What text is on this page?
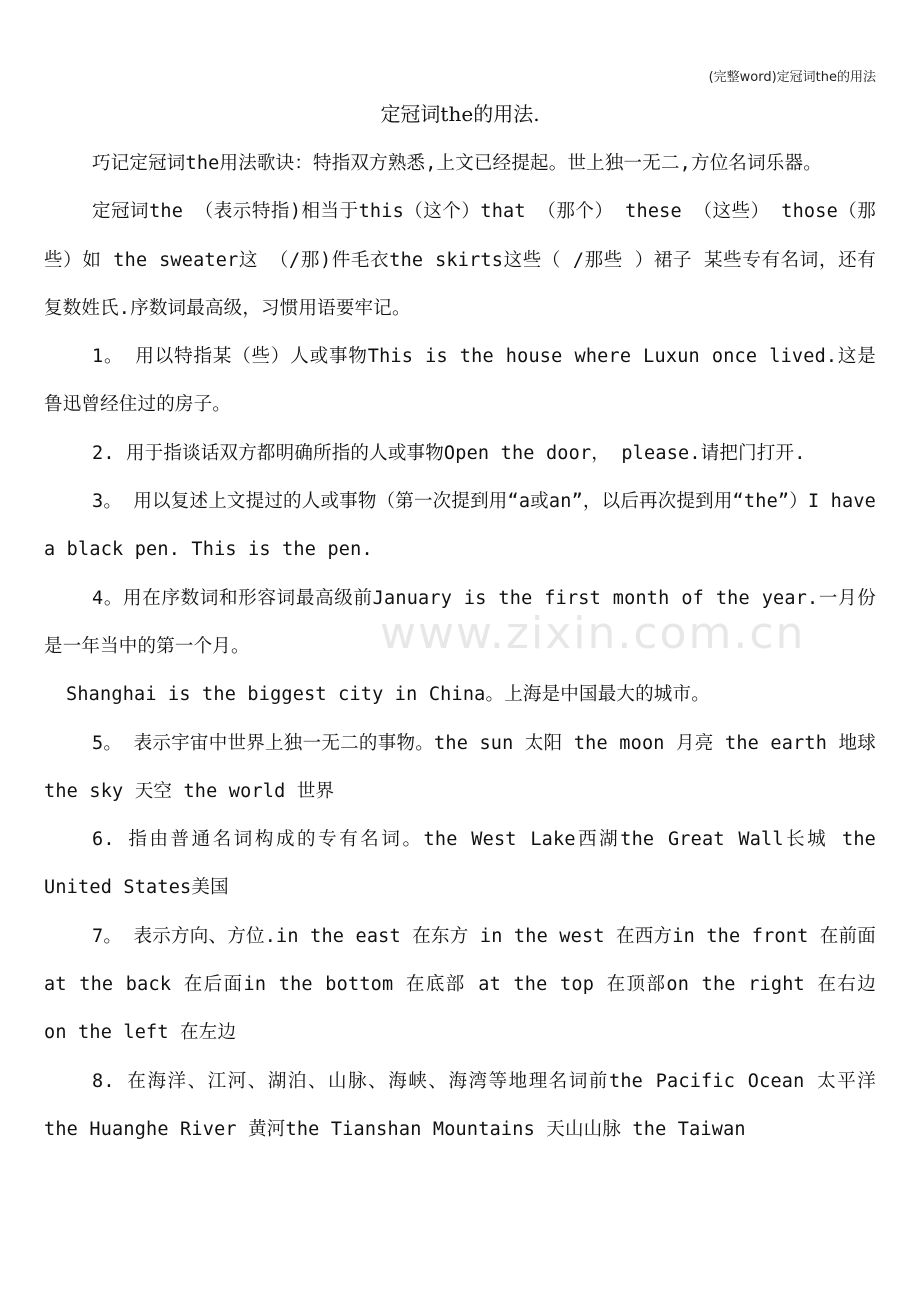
(完整word)定冠词the的用法
定冠词the的用法.
www.zixin.com.cn

巧记定冠词the用法歌诀：特指双方熟悉,上文已经提起。世上独一无二,方位名词乐器。

定冠词the （表示特指)相当于this（这个）that （那个） these （这些） those（那些）如 the sweater这 （/那)件毛衣the skirts这些（ /那些 ）裙子 某些专有名词，还有复数姓氏.序数词最高级，习惯用语要牢记。

1。 用以特指某（些）人或事物This is the house where Luxun once lived.这是鲁迅曾经住过的房子。

2. 用于指谈话双方都明确所指的人或事物Open the door， please.请把门打开.

3。 用以复述上文提过的人或事物（第一次提到用“a或an”，以后再次提到用“the”）I have a black pen. This is the pen.

4。用在序数词和形容词最高级前January is the first month of the year.一月份是一年当中的第一个月。

Shanghai is the biggest city in China。上海是中国最大的城市。

5。 表示宇宙中世界上独一无二的事物。the sun 太阳 the moon 月亮 the earth 地球 the sky 天空 the world 世界

6. 指由普通名词构成的专有名词。the West Lake西湖the Great Wall长城 the United States美国

7。 表示方向、方位.in the east 在东方 in the west 在西方in the front 在前面 at the back 在后面in the bottom 在底部 at the top 在顶部on the right 在右边 on the left 在左边

8. 在海洋、江河、湖泊、山脉、海峡、海湾等地理名词前the Pacific Ocean 太平洋 the Huanghe River 黄河the Tianshan Mountains 天山山脉 the Taiwan
